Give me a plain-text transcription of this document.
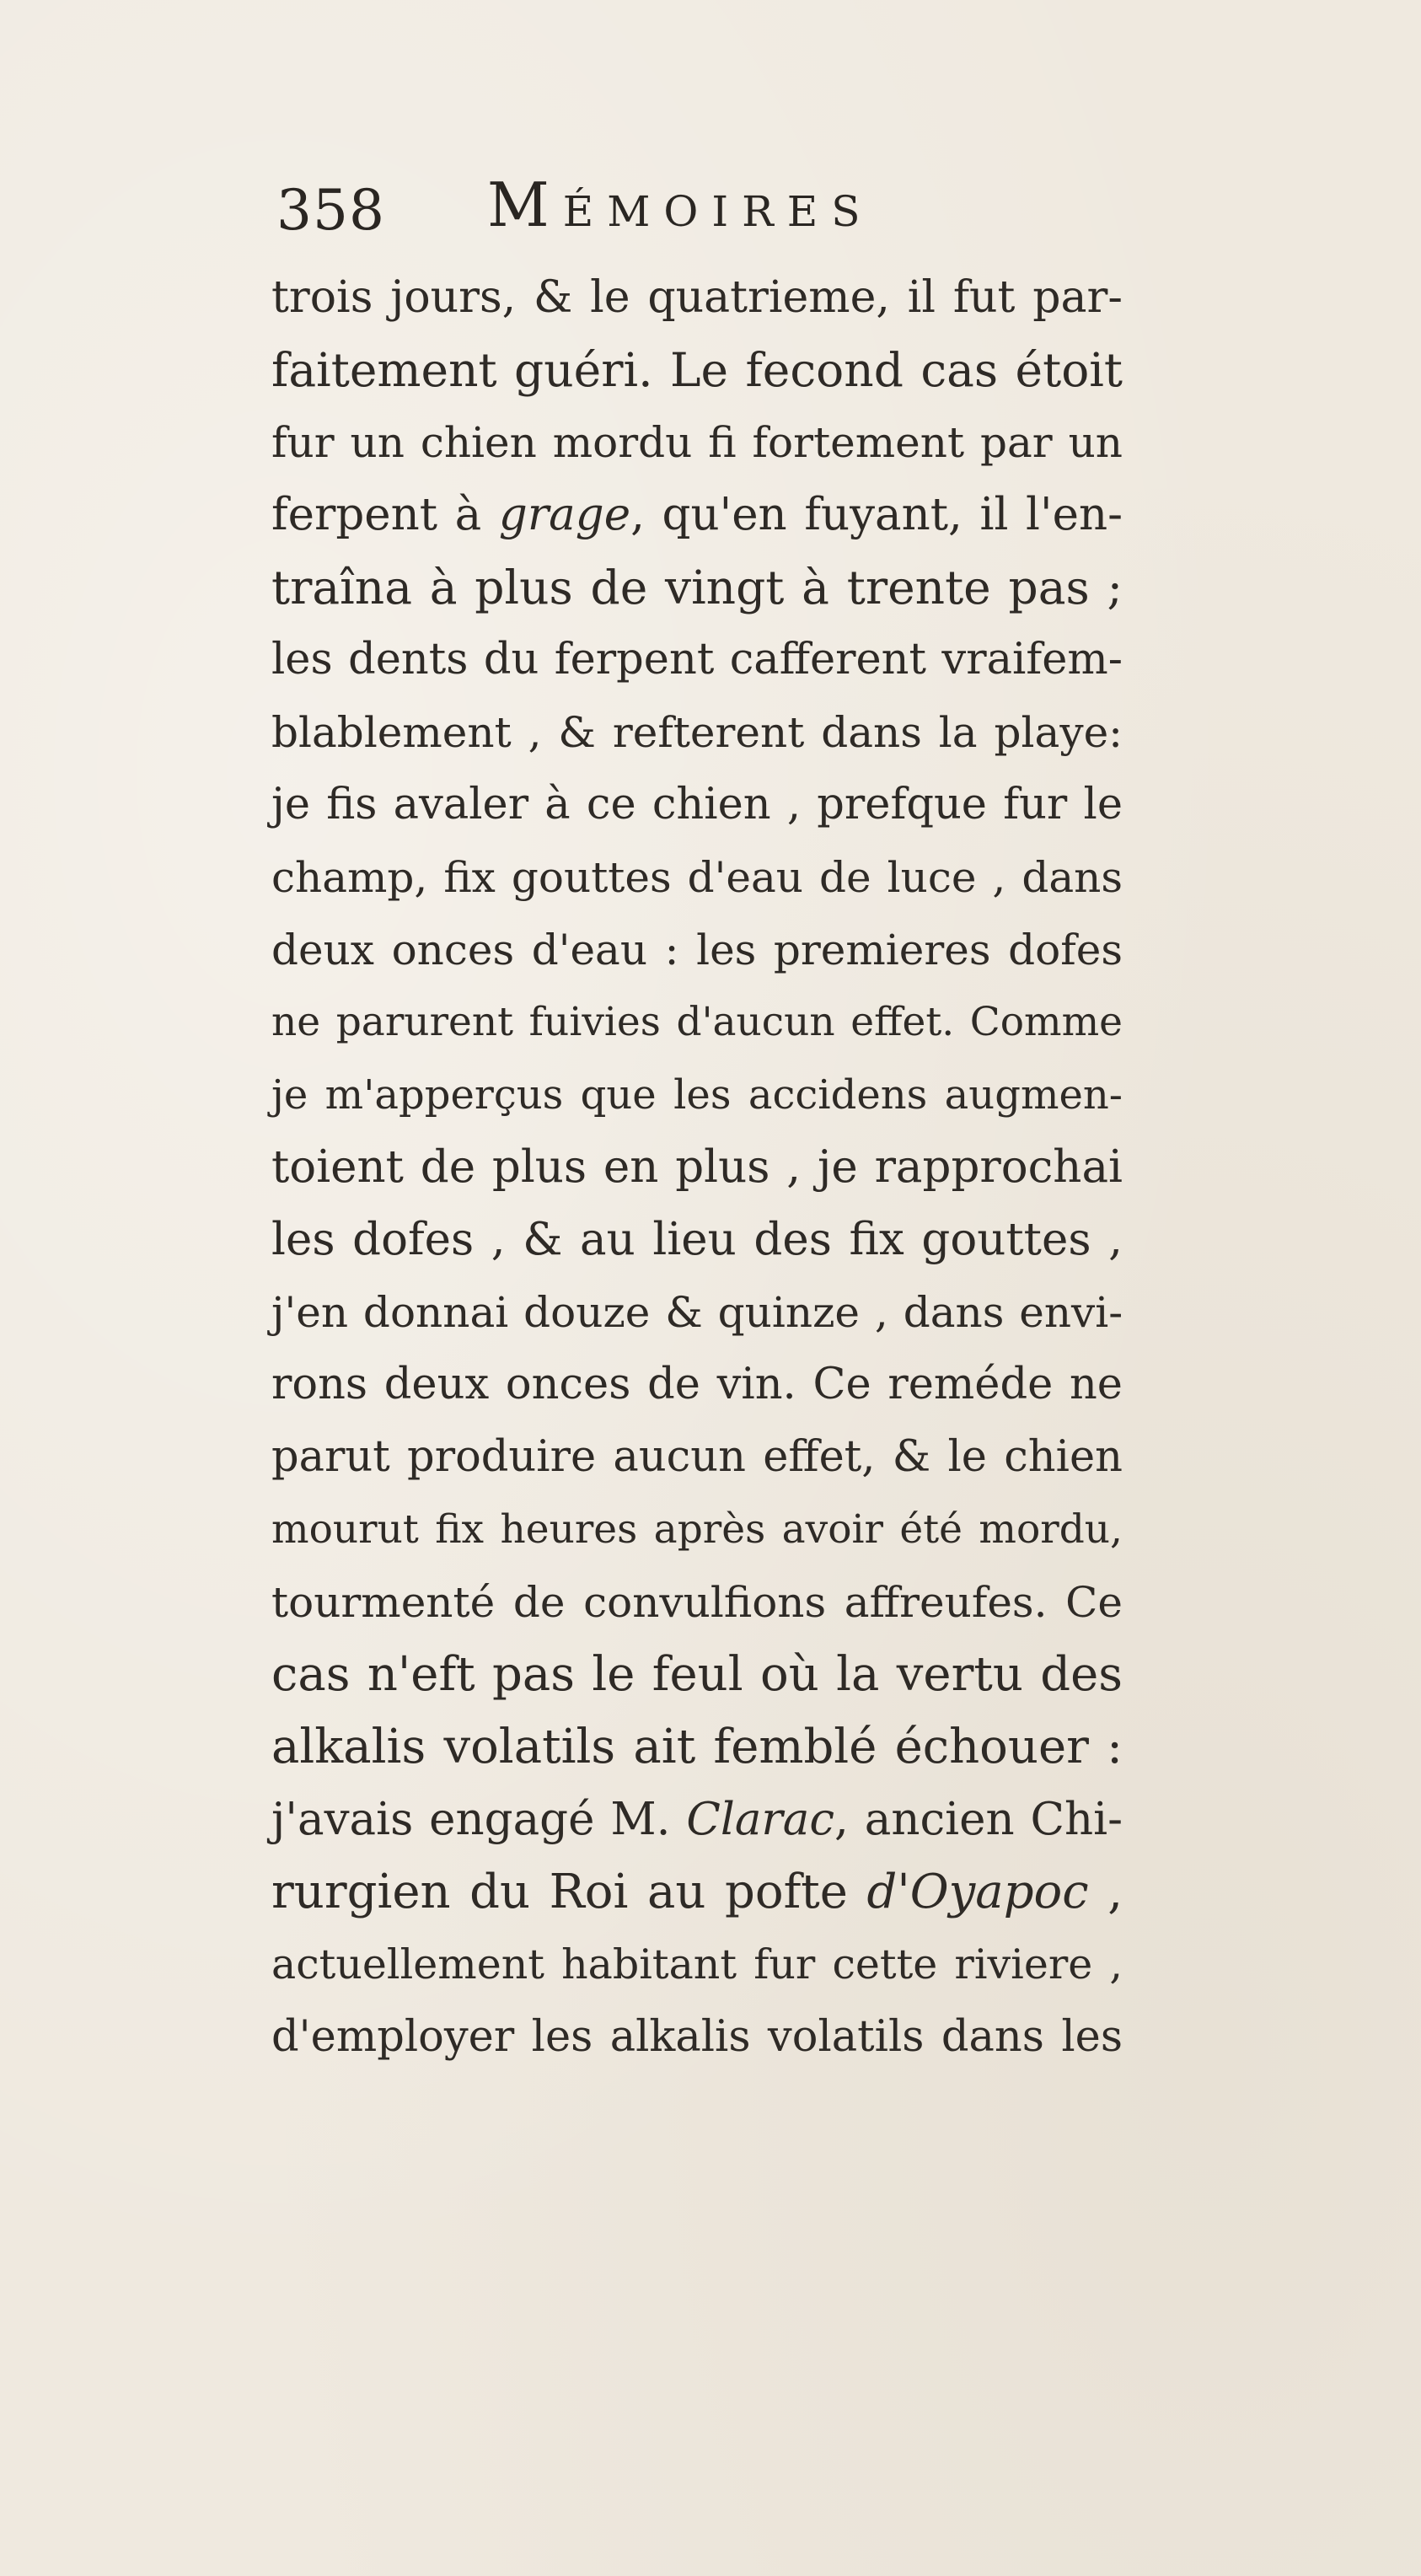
358 Mémoires
trois jours, & le quatrieme, il fut par-
faitement guéri. Le fecond cas étoit
fur un chien mordu fi fortement par un
ferpent à grage, qu'en fuyant, il l'en-
traîna à plus de vingt à trente pas ;
les dents du ferpent cafferent vraifem-
blablement , & refterent dans la playe:
je fis avaler à ce chien , prefque fur le
champ, fix gouttes d'eau de luce , dans
deux onces d'eau : les premieres dofes
ne parurent fuivies d'aucun effet. Comme
je m'apperçus que les accidens augmen-
toient de plus en plus , je rapprochai
les dofes , & au lieu des fix gouttes ,
j'en donnai douze & quinze , dans envi-
rons deux onces de vin. Ce reméde ne
parut produire aucun effet, & le chien
mourut fix heures après avoir été mordu,
tourmenté de convulfions affreufes. Ce
cas n'eft pas le feul où la vertu des
alkalis volatils ait femblé échouer :
j'avais engagé M. Clarac, ancien Chi-
rurgien du Roi au pofte d'Oyapoc ,
actuellement habitant fur cette riviere ,
d'employer les alkalis volatils dans les
